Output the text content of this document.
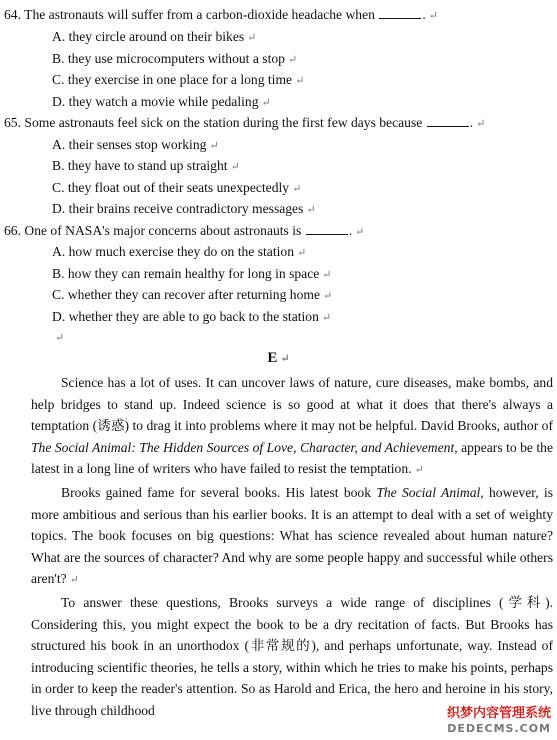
64. The astronauts will suffer from a carbon-dioxide headache when	. ↵
A. they circle around on their bikes ↵
B. they use microcomputers without a stop ↵
C. they exercise in one place for a long time ↵
D. they watch a movie while pedaling ↵
65. Some astronauts feel sick on the station during the first few days because	. ↵
A. their senses stop working ↵
B. they have to stand up straight ↵
C. they float out of their seats unexpectedly ↵
D. their brains receive contradictory messages ↵
66. One of NASA's major concerns about astronauts is	. ↵
A. how much exercise they do on the station ↵
B. how they can remain healthy for long in space ↵
C. whether they can recover after returning home ↵
D. whether they are able to go back to the station ↵
↵
E ↵

Science has a lot of uses. It can uncover laws of nature, cure diseases, make bombs, and help bridges to stand up. Indeed science is so good at what it does that there's always a temptation (诱惑) to drag it into problems where it may not be helpful. David Brooks, author of The Social Animal: The Hidden Sources of Love, Character, and Achievement, appears to be the latest in a long line of writers who have failed to resist the temptation. ↵

Brooks gained fame for several books. His latest book The Social Animal, however, is more ambitious and serious than his earlier books. It is an attempt to deal with a set of weighty topics. The book focuses on big questions: What has science revealed about human nature? What are the sources of character? And why are some people happy and successful while others aren't? ↵

To answer these questions, Brooks surveys a wide range of disciplines (学科). Considering this, you might expect the book to be a dry recitation of facts. But Brooks has structured his book in an unorthodox (非常规的), and perhaps unfortunate, way. Instead of introducing scientific theories, he tells a story, within which he tries to make his points, perhaps in order to keep the reader's attention. So as Harold and Erica, the hero and heroine in his story, live through childhood	织梦内容管理系统
DEDECMS.COM
